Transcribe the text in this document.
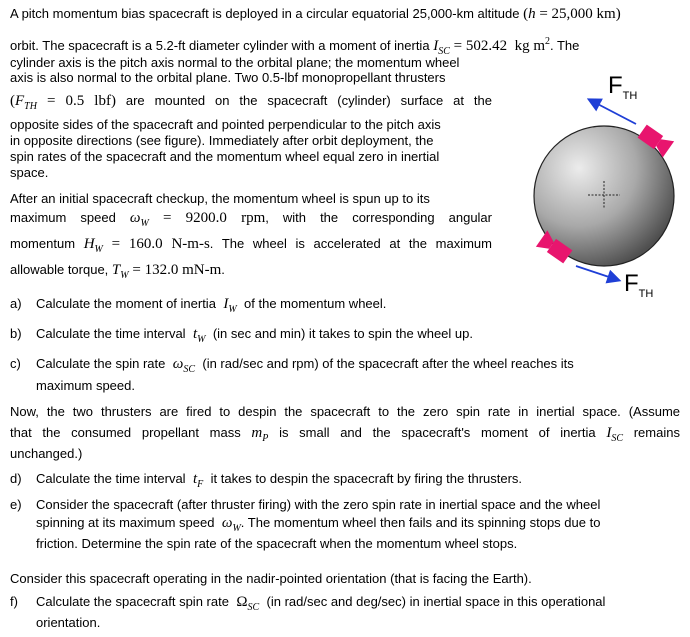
A pitch momentum bias spacecraft is deployed in a circular equatorial 25,000-km altitude (h = 25,000 km)
orbit. The spacecraft is a 5.2-ft diameter cylinder with a moment of inertia $I_{SC} = 502.42$  kg $m^2$. The
cylinder axis is the pitch axis normal to the orbital plane; the momentum wheel
axis is also normal to the orbital plane. Two 0.5-lbf monopropellant thrusters
($F_{TH} = 0.5$ lbf) are mounted on the spacecraft (cylinder) surface at the
opposite sides of the spacecraft and pointed perpendicular to the pitch axis
in opposite directions (see figure). Immediately after orbit deployment, the
spin rates of the spacecraft and the momentum wheel equal zero in inertial
space.
After an initial spacecraft checkup, the momentum wheel is spun up to its
maximum speed $\omega_W = 9200.0$ rpm, with the corresponding angular
momentum $H_W = 160.0$ N-m-s. The wheel is accelerated at the maximum
allowable torque, $T_W = 132.0$ mN-m.
a) Calculate the moment of inertia $I_W$ of the momentum wheel.
b) Calculate the time interval $t_W$ (in sec and min) it takes to spin the wheel up.
c) Calculate the spin rate $\omega_{SC}$ (in rad/sec and rpm) of the spacecraft after the wheel reaches its
maximum speed.
Now, the two thrusters are fired to despin the spacecraft to the zero spin rate in inertial space. (Assume
that the consumed propellant mass $m_P$ is small and the spacecraft's moment of inertia $I_{SC}$ remains
unchanged.)
d) Calculate the time interval $t_F$ it takes to despin the spacecraft by firing the thrusters.
e) Consider the spacecraft (after thruster firing) with the zero spin rate in inertial space and the wheel
spinning at its maximum speed $\omega_W$. The momentum wheel then fails and its spinning stops due to
friction. Determine the spin rate of the spacecraft when the momentum wheel stops.
Consider this spacecraft operating in the nadir-pointed orientation (that is facing the Earth).
f) Calculate the spacecraft spin rate  $\Omega_{SC}$ (in rad/sec and deg/sec) in inertial space in this operational
orientation.
$F_{TH}$
$F_{TH}$
